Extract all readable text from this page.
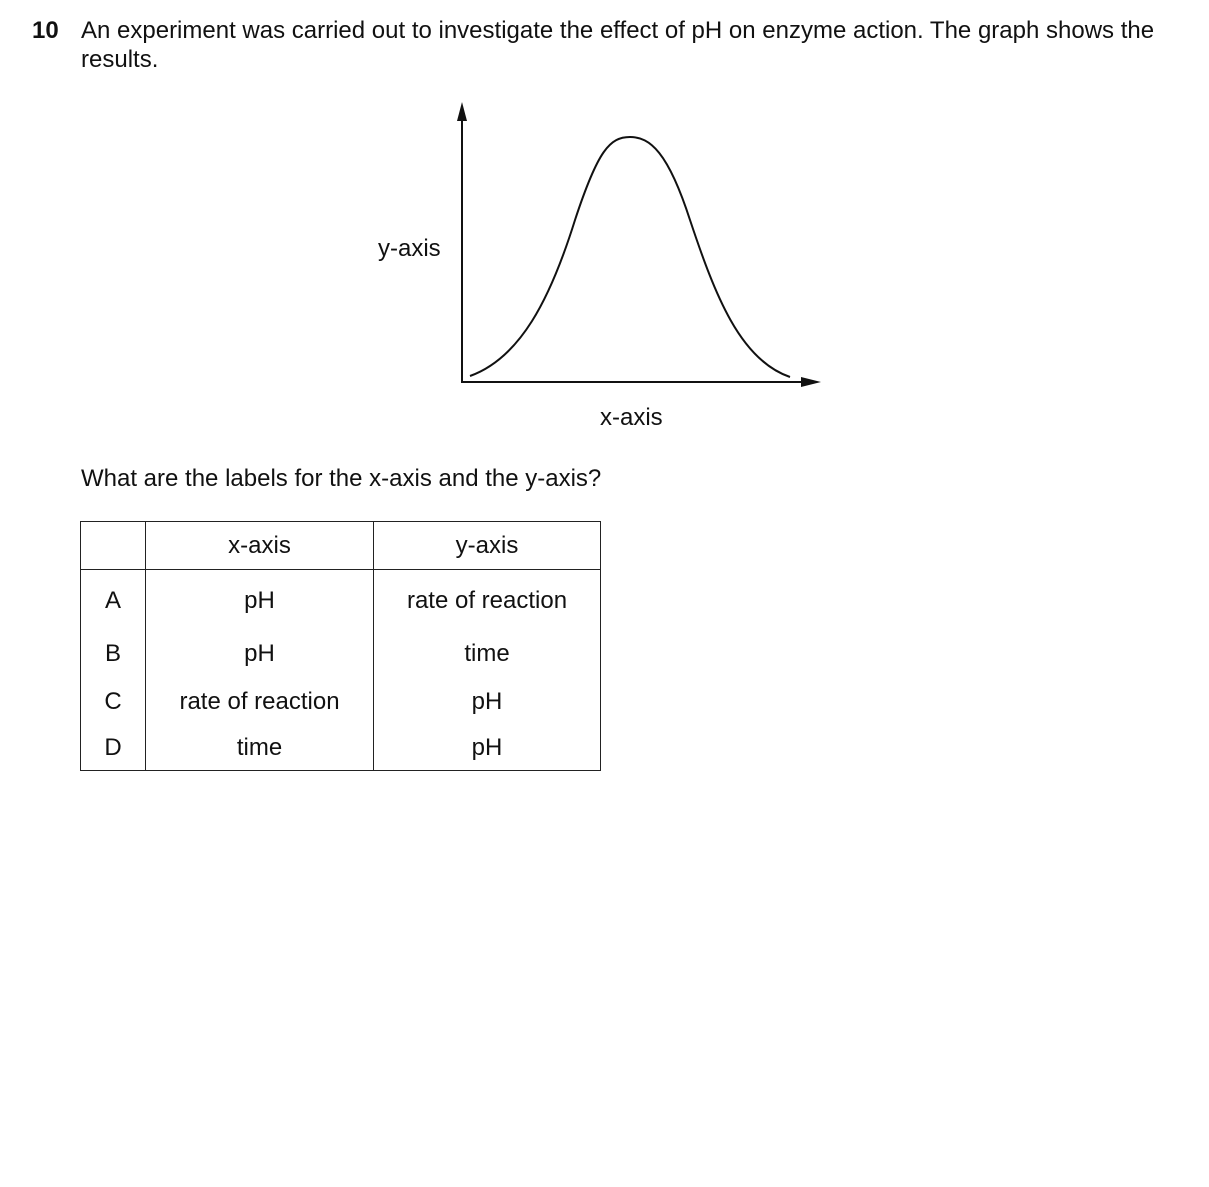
10 An experiment was carried out to investigate the effect of pH on enzyme action. The graph shows the results.
y-axis
x-axis
What are the labels for the x-axis and the y-axis?
	x-axis	y-axis
A	pH	rate of reaction
B	pH	time
C	rate of reaction	pH
D	time	pH
